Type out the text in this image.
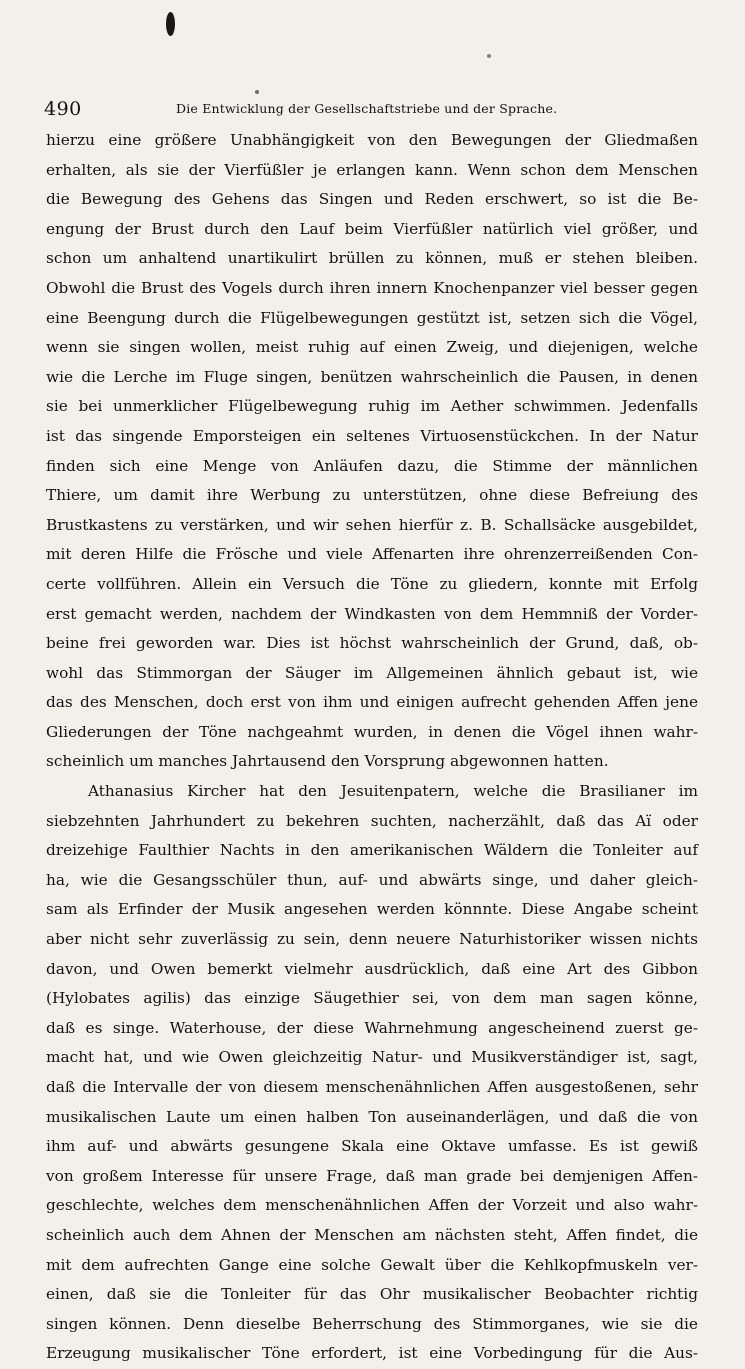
490	Die Entwicklung der Gesellschaftstriebe und der Sprache.
hierzu eine größere Unabhängigkeit von den Bewegungen der Gliedmaßen
erhalten, als sie der Vierfüßler je erlangen kann. Wenn schon dem Menschen
die Bewegung des Gehens das Singen und Reden erschwert, so ist die Be-
engung der Brust durch den Lauf beim Vierfüßler natürlich viel größer, und
schon um anhaltend unartikulirt brüllen zu können, muß er stehen bleiben.
Obwohl die Brust des Vogels durch ihren innern Knochenpanzer viel besser gegen
eine Beengung durch die Flügelbewegungen gestützt ist, setzen sich die Vögel,
wenn sie singen wollen, meist ruhig auf einen Zweig, und diejenigen, welche
wie die Lerche im Fluge singen, benützen wahrscheinlich die Pausen, in denen
sie bei unmerklicher Flügelbewegung ruhig im Aether schwimmen. Jedenfalls
ist das singende Emporsteigen ein seltenes Virtuosenstückchen. In der Natur
finden sich eine Menge von Anläufen dazu, die Stimme der männlichen
Thiere, um damit ihre Werbung zu unterstützen, ohne diese Befreiung des
Brustkastens zu verstärken, und wir sehen hierfür z. B. Schallsäcke ausgebildet,
mit deren Hilfe die Frösche und viele Affenarten ihre ohrenzerreißenden Con-
certe vollführen. Allein ein Versuch die Töne zu gliedern, konnte mit Erfolg
erst gemacht werden, nachdem der Windkasten von dem Hemmniß der Vorder-
beine frei geworden war. Dies ist höchst wahrscheinlich der Grund, daß, ob-
wohl das Stimmorgan der Säuger im Allgemeinen ähnlich gebaut ist, wie
das des Menschen, doch erst von ihm und einigen aufrecht gehenden Affen jene
Gliederungen der Töne nachgeahmt wurden, in denen die Vögel ihnen wahr-
scheinlich um manches Jahrtausend den Vorsprung abgewonnen hatten.
Athanasius Kircher hat den Jesuitenpatern, welche die Brasilianer im
siebzehnten Jahrhundert zu bekehren suchten, nacherzählt, daß das Aï oder
dreizehige Faulthier Nachts in den amerikanischen Wäldern die Tonleiter auf
ha, wie die Gesangsschüler thun, auf- und abwärts singe, und daher gleich-
sam als Erfinder der Musik angesehen werden könnnte. Diese Angabe scheint
aber nicht sehr zuverlässig zu sein, denn neuere Naturhistoriker wissen nichts
davon, und Owen bemerkt vielmehr ausdrücklich, daß eine Art des Gibbon
(Hylobates agilis) das einzige Säugethier sei, von dem man sagen könne,
daß es singe. Waterhouse, der diese Wahrnehmung angescheinend zuerst ge-
macht hat, und wie Owen gleichzeitig Natur- und Musikverständiger ist, sagt,
daß die Intervalle der von diesem menschenähnlichen Affen ausgestoßenen, sehr
musikalischen Laute um einen halben Ton auseinanderlägen, und daß die von
ihm auf- und abwärts gesungene Skala eine Oktave umfasse. Es ist gewiß
von großem Interesse für unsere Frage, daß man grade bei demjenigen Affen-
geschlechte, welches dem menschenähnlichen Affen der Vorzeit und also wahr-
scheinlich auch dem Ahnen der Menschen am nächsten steht, Affen findet, die
mit dem aufrechten Gange eine solche Gewalt über die Kehlkopfmuskeln ver-
einen, daß sie die Tonleiter für das Ohr musikalischer Beobachter richtig
singen können. Denn dieselbe Beherrschung des Stimmorganes, wie sie die
Erzeugung musikalischer Töne erfordert, ist eine Vorbedingung für die Aus-
